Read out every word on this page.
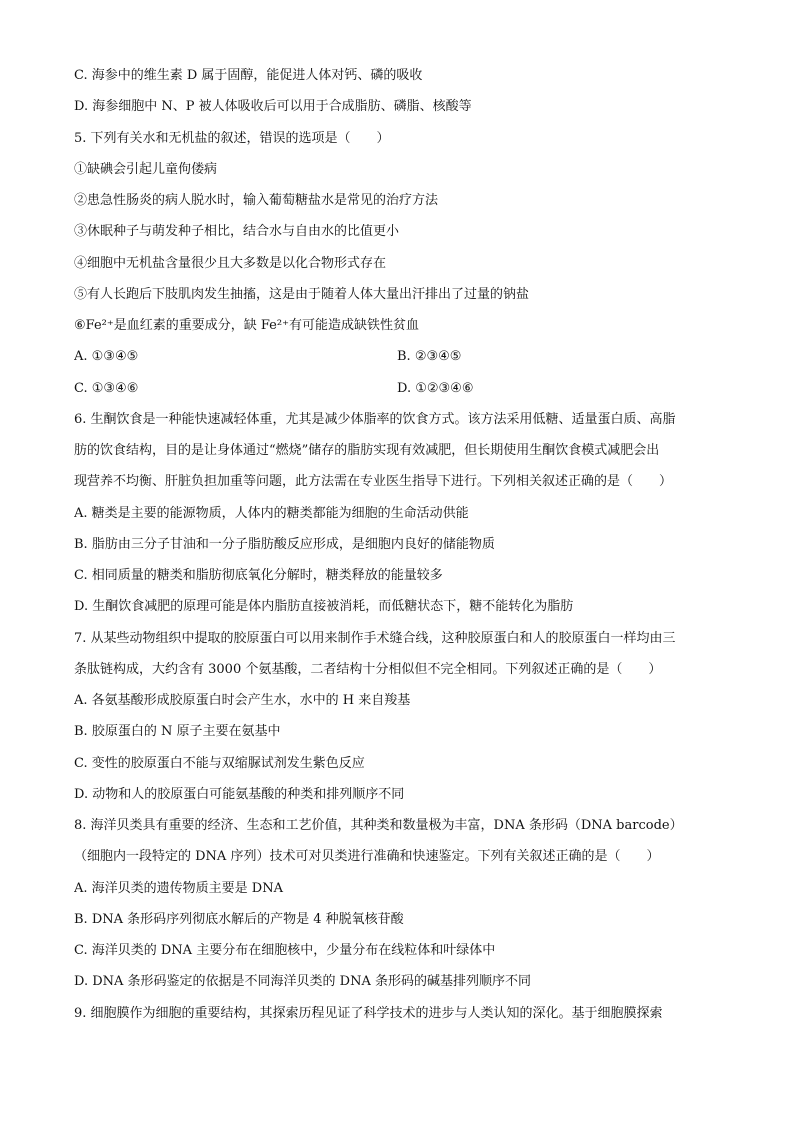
C. 海参中的维生素 D 属于固醇，能促进人体对钙、磷的吸收
D. 海参细胞中 N、P 被人体吸收后可以用于合成脂肪、磷脂、核酸等
5. 下列有关水和无机盐的叙述，错误的选项是（　　）
①缺碘会引起儿童佝偻病
②患急性肠炎的病人脱水时，输入葡萄糖盐水是常见的治疗方法
③休眠种子与萌发种子相比，结合水与自由水的比值更小
④细胞中无机盐含量很少且大多数是以化合物形式存在
⑤有人长跑后下肢肌肉发生抽搐，这是由于随着人体大量出汗排出了过量的钠盐
⑥Fe²⁺是血红素的重要成分，缺 Fe²⁺有可能造成缺铁性贫血
A. ①③④⑤	B. ②③④⑤
C. ①③④⑥	D. ①②③④⑥
6. 生酮饮食是一种能快速减轻体重，尤其是减少体脂率的饮食方式。该方法采用低糖、适量蛋白质、高脂
肪的饮食结构，目的是让身体通过“燃烧”储存的脂肪实现有效减肥，但长期使用生酮饮食模式减肥会出
现营养不均衡、肝脏负担加重等问题，此方法需在专业医生指导下进行。下列相关叙述正确的是（　　）
A. 糖类是主要的能源物质，人体内的糖类都能为细胞的生命活动供能
B. 脂肪由三分子甘油和一分子脂肪酸反应形成，是细胞内良好的储能物质
C. 相同质量的糖类和脂肪彻底氧化分解时，糖类释放的能量较多
D. 生酮饮食减肥的原理可能是体内脂肪直接被消耗，而低糖状态下，糖不能转化为脂肪
7. 从某些动物组织中提取的胶原蛋白可以用来制作手术缝合线，这种胶原蛋白和人的胶原蛋白一样均由三
条肽链构成，大约含有 3000 个氨基酸，二者结构十分相似但不完全相同。下列叙述正确的是（　　）
A. 各氨基酸形成胶原蛋白时会产生水，水中的 H 来自羧基
B. 胶原蛋白的 N 原子主要在氨基中
C. 变性的胶原蛋白不能与双缩脲试剂发生紫色反应
D. 动物和人的胶原蛋白可能氨基酸的种类和排列顺序不同
8. 海洋贝类具有重要的经济、生态和工艺价值，其种类和数量极为丰富，DNA 条形码（DNA barcode）
（细胞内一段特定的 DNA 序列）技术可对贝类进行准确和快速鉴定。下列有关叙述正确的是（　　）
A. 海洋贝类的遗传物质主要是 DNA
B. DNA 条形码序列彻底水解后的产物是 4 种脱氧核苷酸
C. 海洋贝类的 DNA 主要分布在细胞核中，少量分布在线粒体和叶绿体中
D. DNA 条形码鉴定的依据是不同海洋贝类的 DNA 条形码的碱基排列顺序不同
9. 细胞膜作为细胞的重要结构，其探索历程见证了科学技术的进步与人类认知的深化。基于细胞膜探索
